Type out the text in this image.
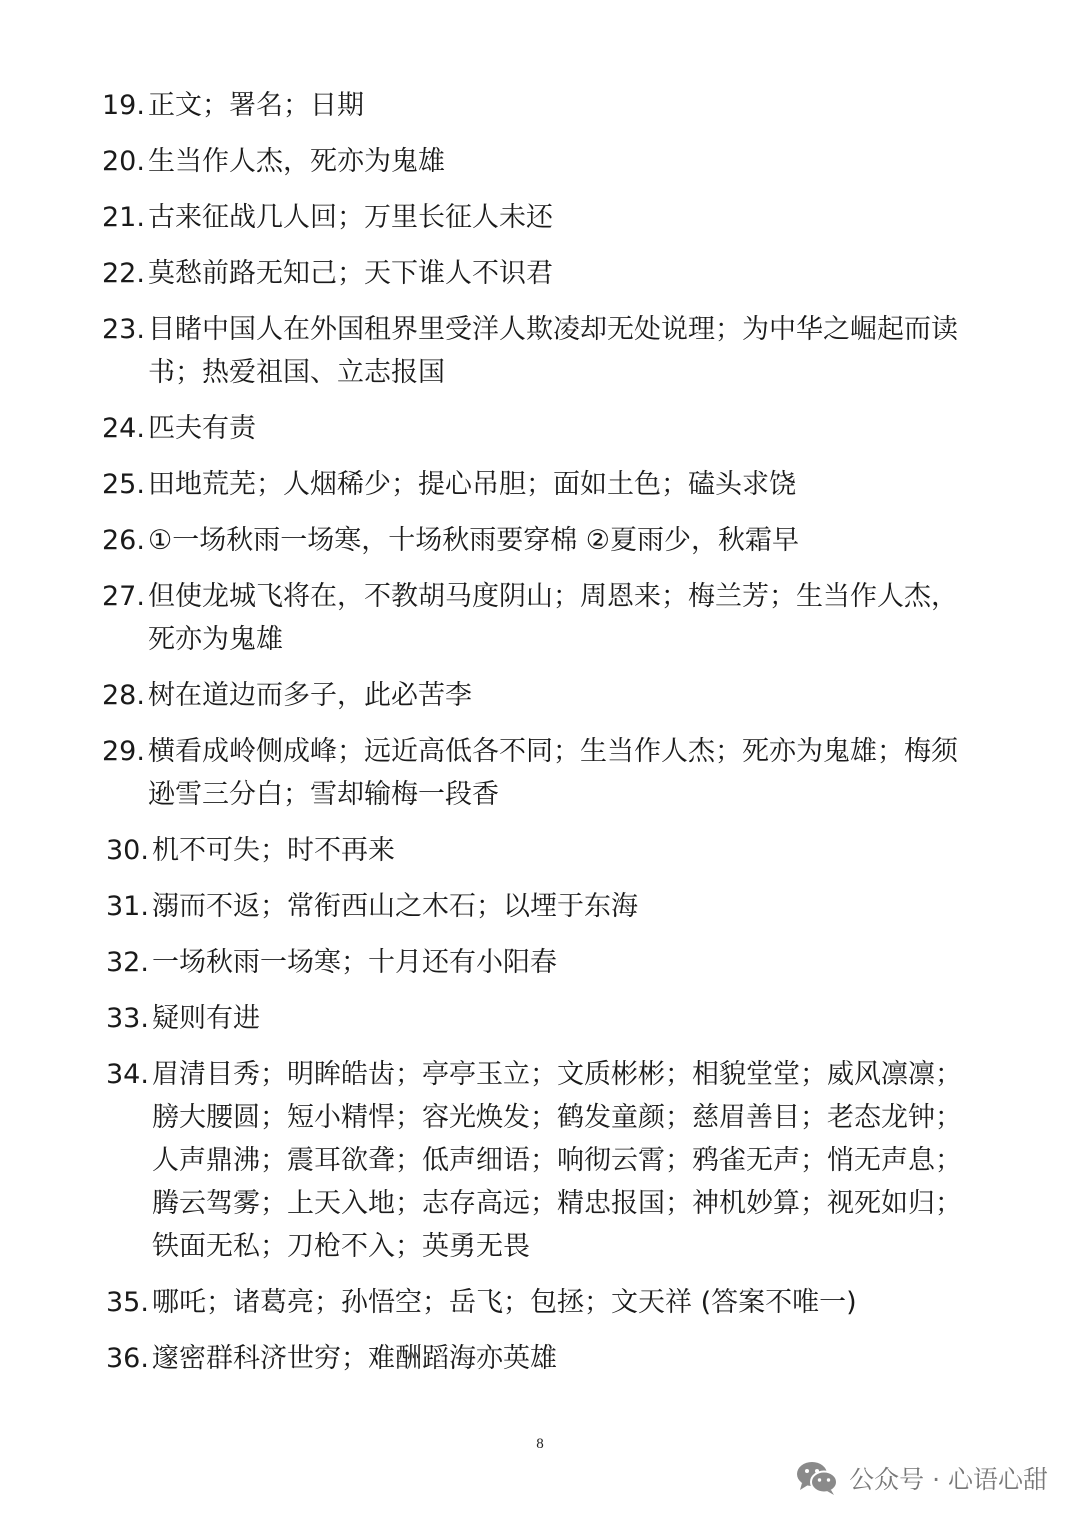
19. 正文；署名；日期
20. 生当作人杰，死亦为鬼雄
21. 古来征战几人回；万里长征人未还
22. 莫愁前路无知己；天下谁人不识君
23. 目睹中国人在外国租界里受洋人欺凌却无处说理；为中华之崛起而读书；热爱祖国、立志报国
24. 匹夫有责
25. 田地荒芜；人烟稀少；提心吊胆；面如土色；磕头求饶
26. ①一场秋雨一场寒，十场秋雨要穿棉 ②夏雨少，秋霜早
27. 但使龙城飞将在，不教胡马度阴山；周恩来；梅兰芳；生当作人杰，死亦为鬼雄
28. 树在道边而多子，此必苦李
29. 横看成岭侧成峰；远近高低各不同；生当作人杰；死亦为鬼雄；梅须逊雪三分白；雪却输梅一段香
30. 机不可失；时不再来
31. 溺而不返；常衔西山之木石；以堙于东海
32. 一场秋雨一场寒；十月还有小阳春
33. 疑则有进
34. 眉清目秀；明眸皓齿；亭亭玉立；文质彬彬；相貌堂堂；威风凛凛；膀大腰圆；短小精悍；容光焕发；鹤发童颜；慈眉善目；老态龙钟；人声鼎沸；震耳欲聋；低声细语；响彻云霄；鸦雀无声；悄无声息；腾云驾雾；上天入地；志存高远；精忠报国；神机妙算；视死如归；铁面无私；刀枪不入；英勇无畏
35. 哪吒；诸葛亮；孙悟空；岳飞；包拯；文天祥 (答案不唯一)
36. 邃密群科济世穷；难酬蹈海亦英雄
8
公众号 · 心语心甜
